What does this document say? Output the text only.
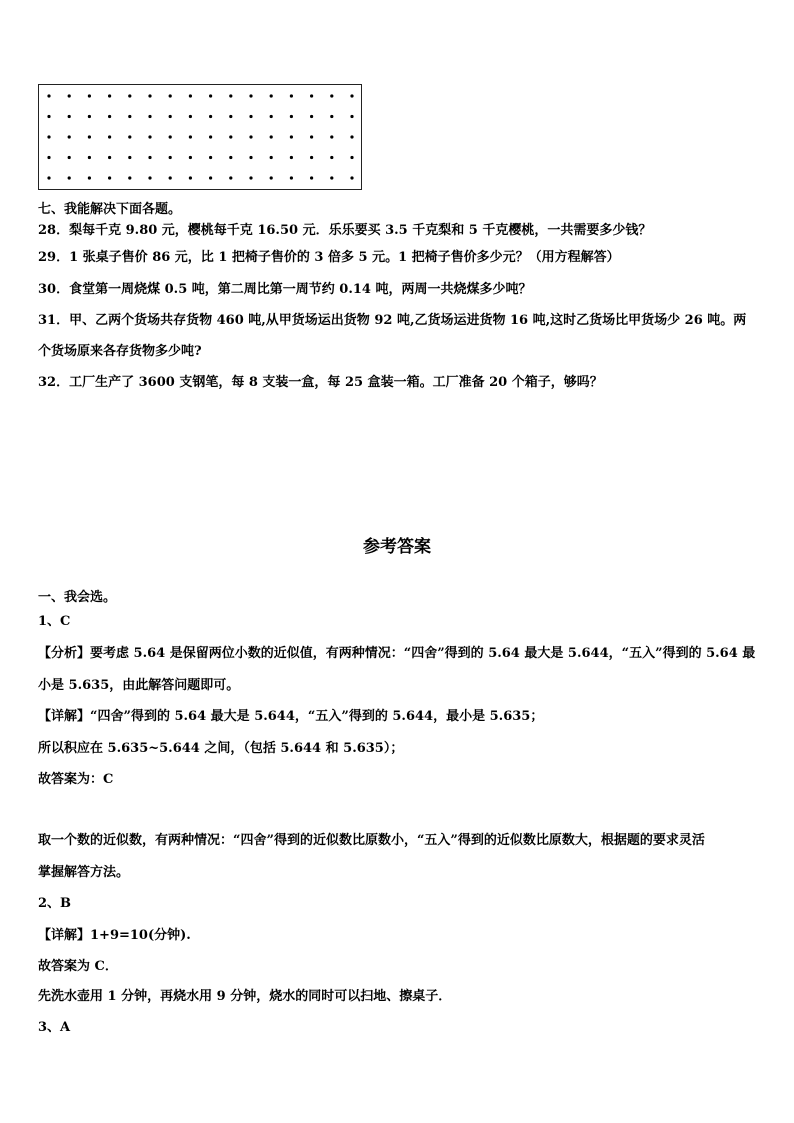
七、我能解决下面各题。
28．梨每千克 9.80 元，樱桃每千克 16.50 元．乐乐要买 3.5 千克梨和 5 千克樱桃，一共需要多少钱？
29．1 张桌子售价 86 元，比 1 把椅子售价的 3 倍多 5 元。1 把椅子售价多少元？（用方程解答）
30．食堂第一周烧煤 0.5 吨，第二周比第一周节约 0.14 吨，两周一共烧煤多少吨？
31．甲、乙两个货场共存货物 460 吨,从甲货场运出货物 92 吨,乙货场运进货物 16 吨,这时乙货场比甲货场少 26 吨。两
个货场原来各存货物多少吨?
32．工厂生产了 3600 支钢笔，每 8 支装一盒，每 25 盒装一箱。工厂准备 20 个箱子，够吗？
参考答案
一、我会选。
1、C
【分析】要考虑 5.64 是保留两位小数的近似值，有两种情况：“四舍”得到的 5.64 最大是 5.644，“五入”得到的 5.64 最
小是 5.635，由此解答问题即可。
【详解】“四舍”得到的 5.64 最大是 5.644，“五入”得到的 5.644，最小是 5.635；
所以积应在 5.635~5.644 之间，（包括 5.644 和 5.635）；
故答案为：C
取一个数的近似数，有两种情况：“四舍”得到的近似数比原数小，“五入”得到的近似数比原数大，根据题的要求灵活
掌握解答方法。
2、B
【详解】1+9=10(分钟).
故答案为 C．
先洗水壶用 1 分钟，再烧水用 9 分钟，烧水的同时可以扫地、擦桌子．
3、A
